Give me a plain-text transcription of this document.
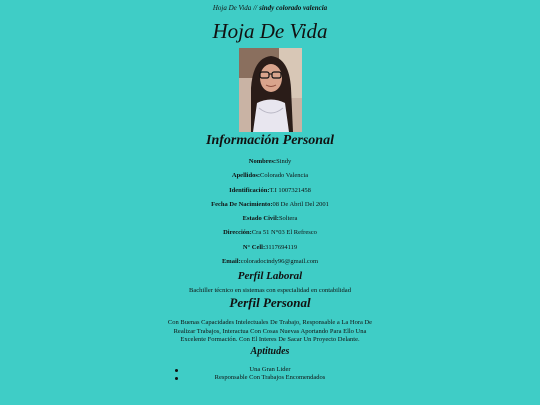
Hoja De Vida // sindy colorado valencia
Hoja De Vida
Información Personal
Nombres:Sindy
Apellidos:Colorado Valencia
Identificación:T.I 1007321458
Fecha De Nacimiento:08 De Abril Del 2001
Estado Civil:Soltera
Dirección:Cra 51 N°03 El Refresco
N° Cell:3117694119
Email:coloradocindy96@gmail.com
Perfil Laboral
Bachiller técnico en sistemas con especialidad en contabilidad
Perfil Personal
Con Buenas Capacidades Intelectuales De Trabajo, Responsable a La Hora De Realizar Trabajos, Interactua Con Cosas Nuevas Aportando Para Ello Una Excelente Formación. Con El Interes De Sacar Un Proyecto Delante.
Aptitudes
Una Gran Lider
Responsable Con Trabajos Encomendados
